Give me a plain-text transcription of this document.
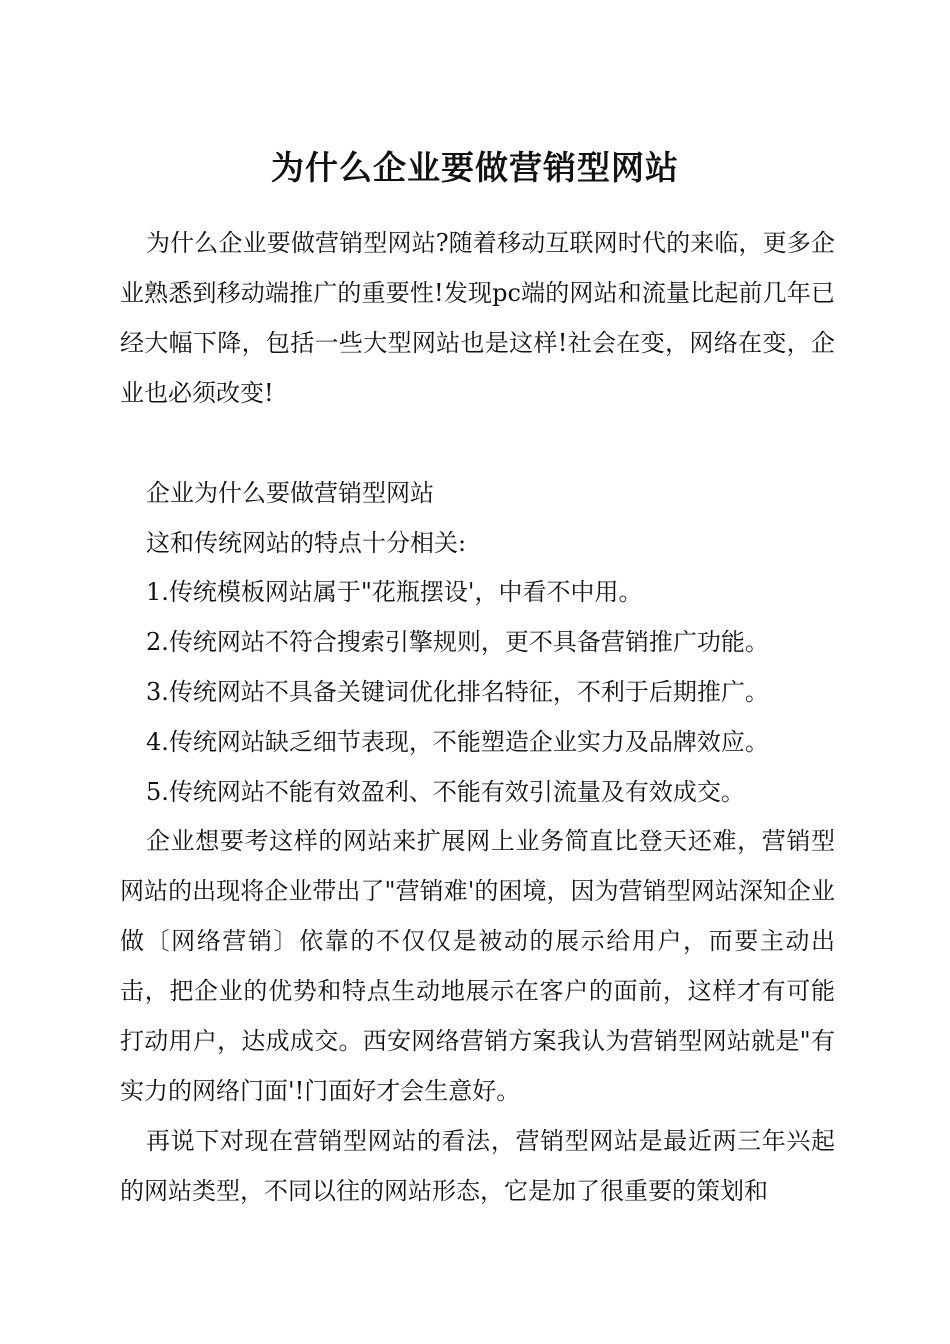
为什么企业要做营销型网站

为什么企业要做营销型网站?随着移动互联网时代的来临，更多企业熟悉到移动端推广的重要性!发现pc端的网站和流量比起前几年已经大幅下降，包括一些大型网站也是这样!社会在变，网络在变，企业也必须改变!

企业为什么要做营销型网站

这和传统网站的特点十分相关:

1.传统模板网站属于"花瓶摆设'，中看不中用。

2.传统网站不符合搜索引擎规则，更不具备营销推广功能。

3.传统网站不具备关键词优化排名特征，不利于后期推广。

4.传统网站缺乏细节表现，不能塑造企业实力及品牌效应。

5.传统网站不能有效盈利、不能有效引流量及有效成交。

企业想要考这样的网站来扩展网上业务简直比登天还难，营销型网站的出现将企业带出了"营销难'的困境，因为营销型网站深知企业做〔网络营销〕依靠的不仅仅是被动的展示给用户，而要主动出击，把企业的优势和特点生动地展示在客户的面前，这样才有可能打动用户，达成成交。西安网络营销方案我认为营销型网站就是"有实力的网络门面'!门面好才会生意好。

再说下对现在营销型网站的看法，营销型网站是最近两三年兴起的网站类型，不同以往的网站形态，它是加了很重要的策划和
